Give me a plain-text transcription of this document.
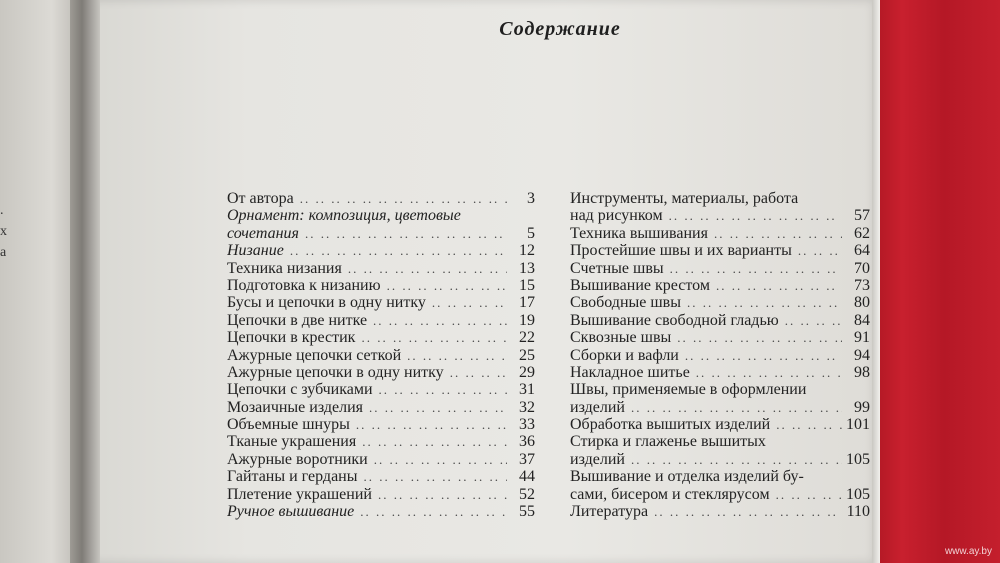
.
х
а
Содержание
От автора .. ..	3
Орнамент: композиция, цветовые
сочетания .. ..	5
Низание .. ..	12
Техника низания .. ..	13
Подготовка к низанию .. ..	15
Бусы и цепочки в одну нитку .. ..	17
Цепочки в две нитке .. ..	19
Цепочки в крестик .. ..	22
Ажурные цепочки сеткой .. ..	25
Ажурные цепочки в одну нитку .. ..	29
Цепочки с зубчиками .. ..	31
Мозаичные изделия .. ..	32
Объемные шнуры .. ..	33
Тканые украшения .. ..	36
Ажурные воротники .. ..	37
Гайтаны и герданы .. ..	44
Плетение украшений .. ..	52
Ручное вышивание .. ..	55
Инструменты, материалы, работа
над рисунком .. ..	57
Техника вышивания .. ..	62
Простейшие швы и их варианты .. ..	64
Счетные швы .. ..	70
Вышивание крестом .. ..	73
Свободные швы .. ..	80
Вышивание свободной гладью .. ..	84
Сквозные швы .. ..	91
Сборки и вафли .. ..	94
Накладное шитье .. ..	98
Швы, применяемые в оформлении
изделий .. ..	99
Обработка вышитых изделий .. ..	101
Стирка и глаженье вышитых
изделий .. ..	105
Вышивание и отделка изделий бу-
сами, бисером и стеклярусом .. ..	105
Литература .. ..	110
www.ay.by
